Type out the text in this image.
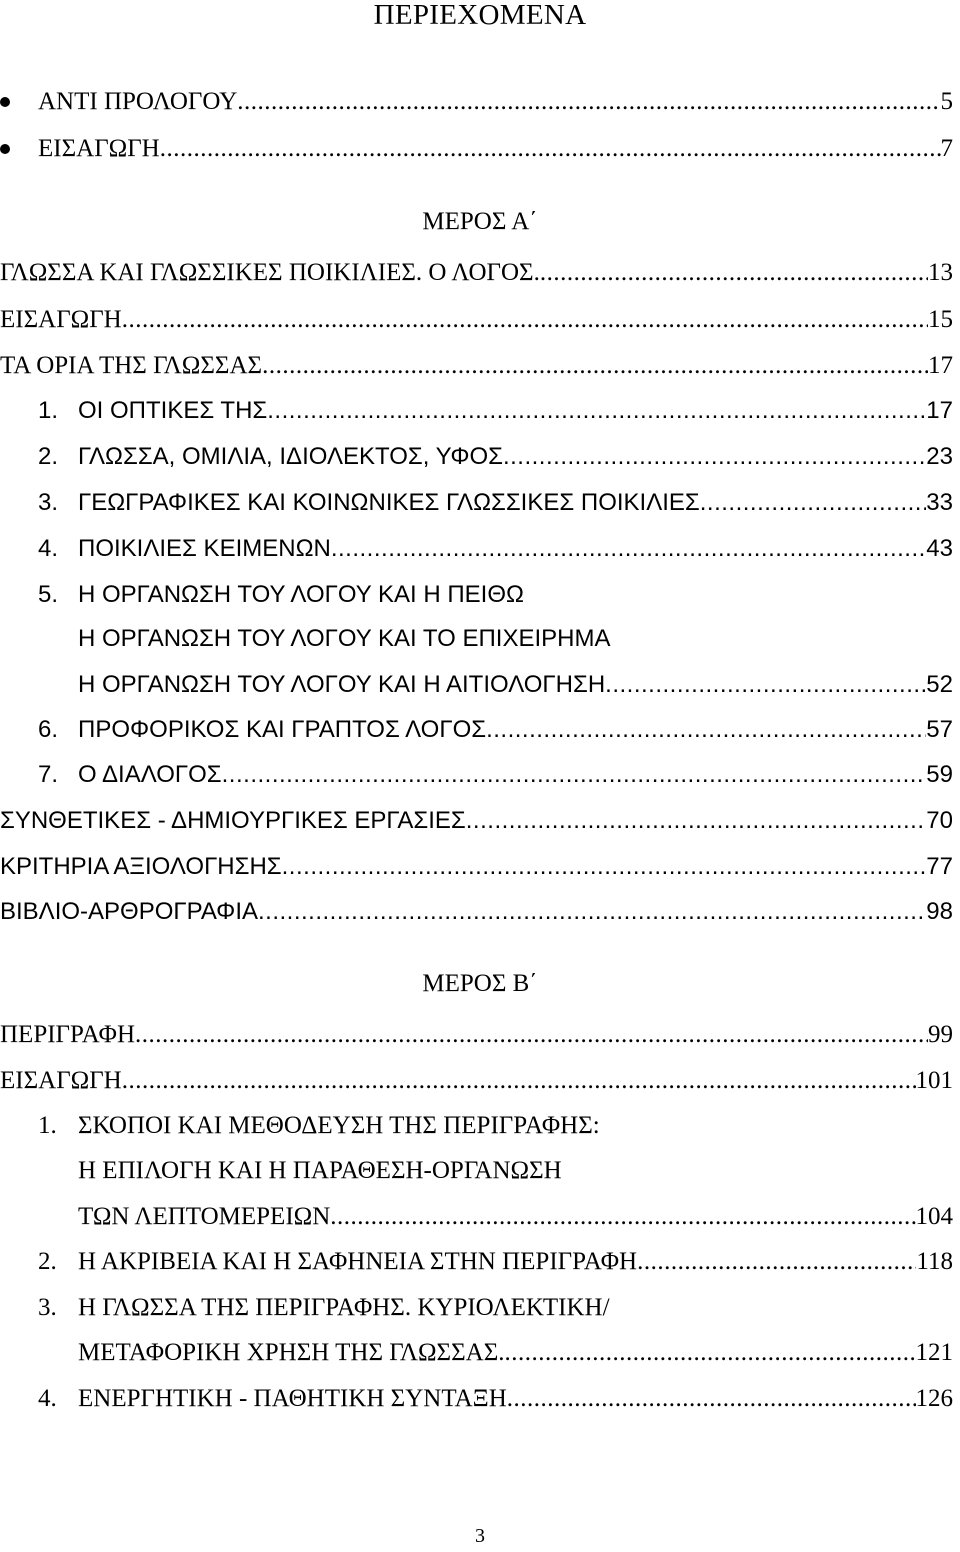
ΠΕΡΙΕΧΟΜΕΝΑ
ΑΝΤΙ ΠΡΟΛΟΓΟΥ .....	5
ΕΙΣΑΓΩΓΗ .....	7
ΜΕΡΟΣ Α΄
ΓΛΩΣΣΑ ΚΑΙ ΓΛΩΣΣΙΚΕΣ ΠΟΙΚΙΛΙΕΣ. Ο ΛΟΓΟΣ. .....	13
ΕΙΣΑΓΩΓΗ .....	15
ΤΑ ΟΡΙΑ ΤΗΣ ΓΛΩΣΣΑΣ .....	17
1. ΟΙ ΟΠΤΙΚΕΣ ΤΗΣ .....	17
2. ΓΛΩΣΣΑ, ΟΜΙΛΙΑ, ΙΔΙΟΛΕΚΤΟΣ, ΥΦΟΣ .....	23
3. ΓΕΩΓΡΑΦΙΚΕΣ ΚΑΙ ΚΟΙΝΩΝΙΚΕΣ ΓΛΩΣΣΙΚΕΣ ΠΟΙΚΙΛΙΕΣ .....	33
4. ΠΟΙΚΙΛΙΕΣ ΚΕΙΜΕΝΩΝ .....	43
5. Η ΟΡΓΑΝΩΣΗ ΤΟΥ ΛΟΓΟΥ ΚΑΙ Η ΠΕΙΘΩ
Η ΟΡΓΑΝΩΣΗ ΤΟΥ ΛΟΓΟΥ ΚΑΙ ΤΟ ΕΠΙΧΕΙΡΗΜΑ
Η ΟΡΓΑΝΩΣΗ ΤΟΥ ΛΟΓΟΥ ΚΑΙ Η ΑΙΤΙΟΛΟΓΗΣΗ .....	52
6. ΠΡΟΦΟΡΙΚΟΣ ΚΑΙ ΓΡΑΠΤΟΣ ΛΟΓΟΣ .....	57
7. Ο ΔΙΑΛΟΓΟΣ .....	59
ΣΥΝΘΕΤΙΚΕΣ - ΔΗΜΙΟΥΡΓΙΚΕΣ ΕΡΓΑΣΙΕΣ .....	70
ΚΡΙΤΗΡΙΑ ΑΞΙΟΛΟΓΗΣΗΣ .....	77
ΒΙΒΛΙΟ-ΑΡΘΡΟΓΡΑΦΙΑ .....	98
ΜΕΡΟΣ Β΄
ΠΕΡΙΓΡΑΦΗ .....	99
ΕΙΣΑΓΩΓΗ .....	101
1. ΣΚΟΠΟΙ ΚΑΙ ΜΕΘΟΔΕΥΣΗ ΤΗΣ ΠΕΡΙΓΡΑΦΗΣ:
Η ΕΠΙΛΟΓΗ ΚΑΙ Η ΠΑΡΑΘΕΣΗ-ΟΡΓΑΝΩΣΗ
ΤΩΝ ΛΕΠΤΟΜΕΡΕΙΩΝ .....	104
2. Η ΑΚΡΙΒΕΙΑ ΚΑΙ Η ΣΑΦΗΝΕΙΑ ΣΤΗΝ ΠΕΡΙΓΡΑΦΗ .....	118
3. Η ΓΛΩΣΣΑ ΤΗΣ ΠΕΡΙΓΡΑΦΗΣ. ΚΥΡΙΟΛΕΚΤΙΚΗ/
ΜΕΤΑΦΟΡΙΚΗ ΧΡΗΣΗ ΤΗΣ ΓΛΩΣΣΑΣ. .....	121
4. ΕΝΕΡΓΗΤΙΚΗ - ΠΑΘΗΤΙΚΗ ΣΥΝΤΑΞΗ .....	126
3
